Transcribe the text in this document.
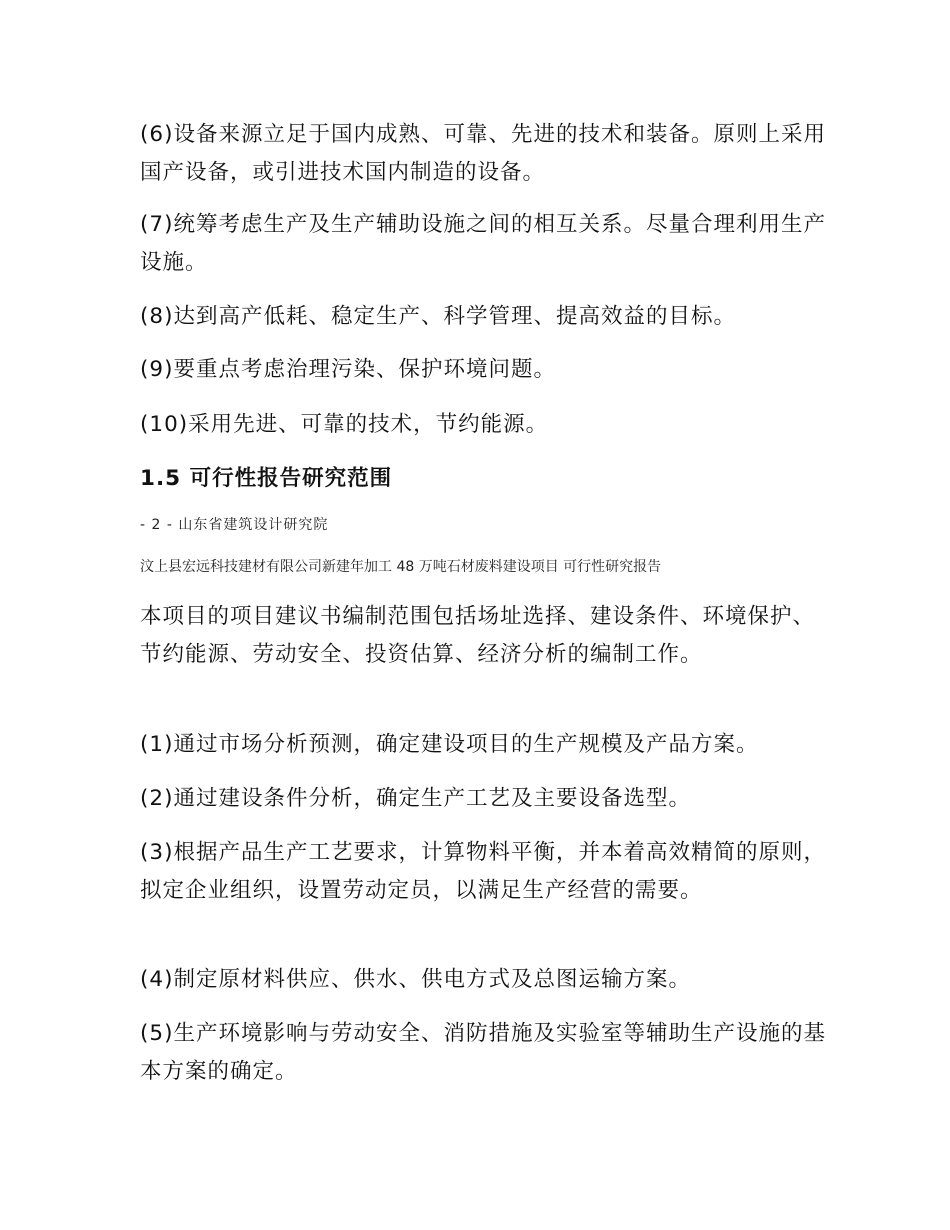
(6)设备来源立足于国内成熟、可靠、先进的技术和装备。原则上采用国产设备，或引进技术国内制造的设备。

(7)统筹考虑生产及生产辅助设施之间的相互关系。尽量合理利用生产设施。

(8)达到高产低耗、稳定生产、科学管理、提高效益的目标。

(9)要重点考虑治理污染、保护环境问题。

(10)采用先进、可靠的技术，节约能源。

1.5 可行性报告研究范围

- 2 - 山东省建筑设计研究院

汶上县宏远科技建材有限公司新建年加工 48 万吨石材废料建设项目 可行性研究报告

本项目的项目建议书编制范围包括场址选择、建设条件、环境保护、节约能源、劳动安全、投资估算、经济分析的编制工作。

(1)通过市场分析预测，确定建设项目的生产规模及产品方案。

(2)通过建设条件分析，确定生产工艺及主要设备选型。

(3)根据产品生产工艺要求，计算物料平衡，并本着高效精简的原则，拟定企业组织，设置劳动定员，以满足生产经营的需要。

(4)制定原材料供应、供水、供电方式及总图运输方案。

(5)生产环境影响与劳动安全、消防措施及实验室等辅助生产设施的基本方案的确定。
